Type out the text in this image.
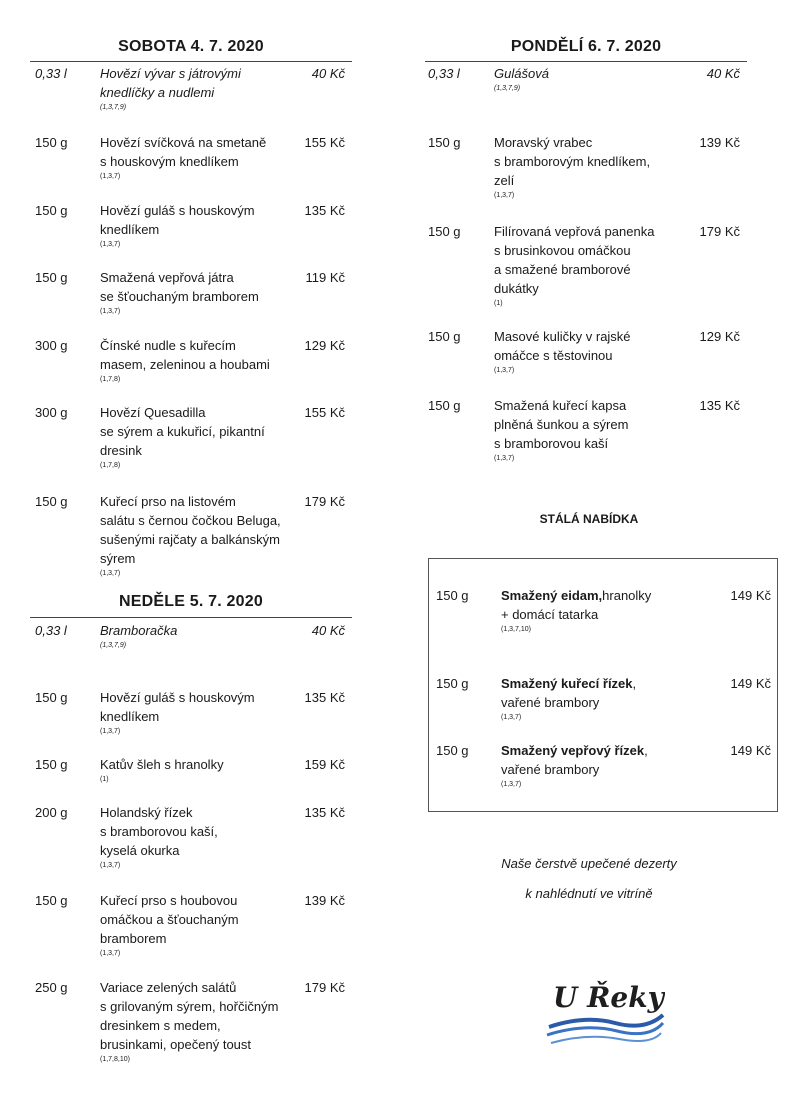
SOBOTA 4. 7. 2020
0,33 l	Hovězí vývar s játrovými
knedlíčky a nudlemi
(1,3,7,9)
40 Kč
150 g Hovězí svíčková na smetaně
s houskovým knedlíkem
(1,3,7)
155 Kč
150 g Hovězí guláš s houskovým
knedlíkem
(1,3,7)
135 Kč
150 g Smažená vepřová játra
se šťouchaným bramborem
(1,3,7)
119 Kč
300 g Čínské nudle s kuřecím
masem, zeleninou a houbami
(1,7,8)
129 Kč
300 g Hovězí Quesadilla
se sýrem a kukuřicí, pikantní
dresink
(1,7,8)
155 Kč
150 g Kuřecí prso na listovém
salátu s černou čočkou Beluga,
sušenými rajčaty a balkánským
sýrem
(1,3,7)
179 Kč
NEDĚLE 5. 7. 2020
0,33 l	Bramboračka
(1,3,7,9)
40 Kč
150 g Hovězí guláš s houskovým
knedlíkem
(1,3,7)
135 Kč
150 g Katův šleh s hranolky
(1)
159 Kč
200 g Holandský řízek
s bramborovou kaší,
kyselá okurka
(1,3,7)
135 Kč
150 g Kuřecí prso s houbovou
omáčkou a šťouchaným
bramborem
(1,3,7)
139 Kč
250 g Variace zelených salátů
s grilovaným sýrem, hořčičným
dresinkem s medem,
brusinkami, opečený toust
(1,7,8,10)
179 Kč
PONDĚLÍ 6. 7. 2020
0,33 l	Gulášová
(1,3,7,9)
40 Kč
150 g	Moravský vrabec
s bramborovým knedlíkem,
zelí
(1,3,7)
139 Kč
150 g	Filírovaná vepřová panenka
s brusinkovou omáčkou
a smažené bramborové
dukátky
(1)
179 Kč
150 g	Masové kuličky v rajské
omáčce s těstovinou
(1,3,7)
129 Kč
150 g	Smažená kuřecí kapsa
plněná šunkou a sýrem
s bramborovou kaší
(1,3,7)
135 Kč
STÁLÁ NABÍDKA
150 g Smažený eidam,hranolky
+ domácí tatarka
(1,3,7,10)
149 Kč
150 g Smažený kuřecí řízek,
vařené brambory
(1,3,7)
149 Kč
150 g Smažený vepřový řízek,
vařené brambory
(1,3,7)
149 Kč
Naše čerstvě upečené dezerty
k nahlédnutí ve vitríně
U Řeky
